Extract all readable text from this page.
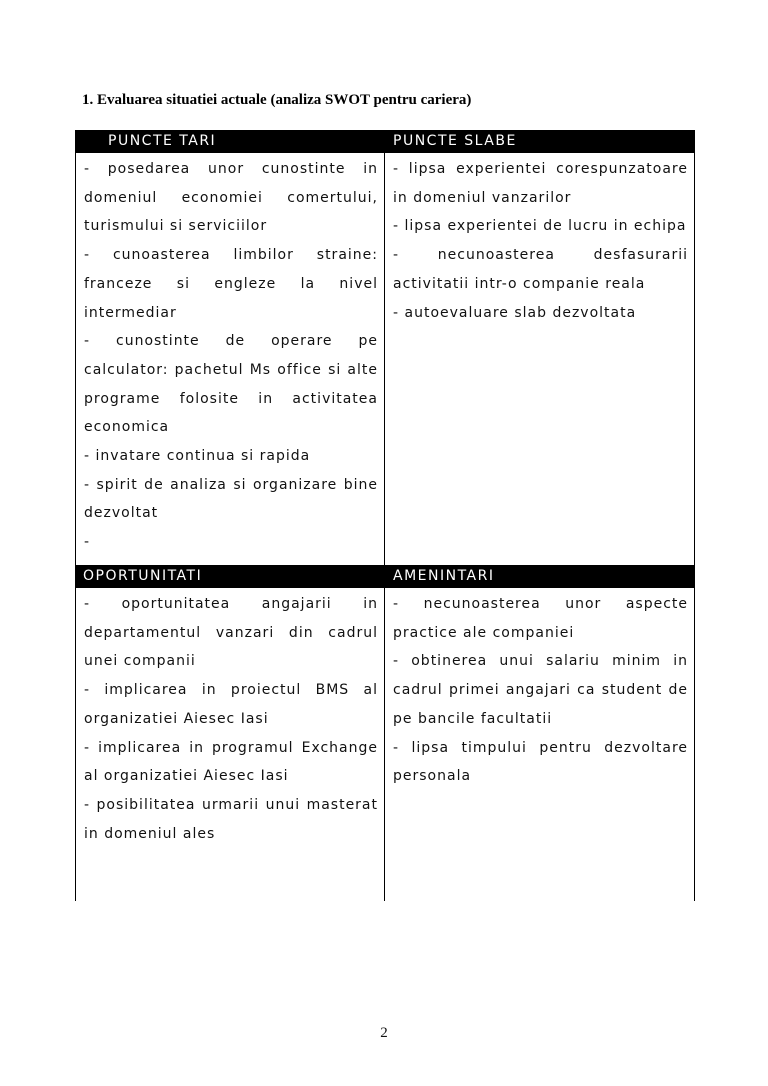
1. Evaluarea situatiei actuale (analiza SWOT pentru cariera)
PUNCTE TARI	PUNCTE SLABE
- posedarea unor cunostinte in domeniul economiei comertului, turismului si serviciilor
- cunoasterea limbilor straine: franceze si engleze la nivel intermediar
- cunostinte de operare pe calculator: pachetul Ms office si alte programe folosite in activitatea economica
- invatare continua si rapida
- spirit de analiza si organizare bine dezvoltat
-
- lipsa experientei corespunzatoare in domeniul vanzarilor
- lipsa experientei de lucru in echipa
- necunoasterea desfasurarii activitatii intr-o companie reala
- autoevaluare slab dezvoltata
OPORTUNITATI	AMENINTARI
- oportunitatea angajarii in departamentul vanzari din cadrul unei companii
- implicarea in proiectul BMS al organizatiei Aiesec Iasi
- implicarea in programul Exchange al organizatiei Aiesec Iasi
- posibilitatea urmarii unui masterat in domeniul ales
- necunoasterea unor aspecte practice ale companiei
- obtinerea unui salariu minim in cadrul primei angajari ca student de pe bancile facultatii
- lipsa timpului pentru dezvoltare personala
2
